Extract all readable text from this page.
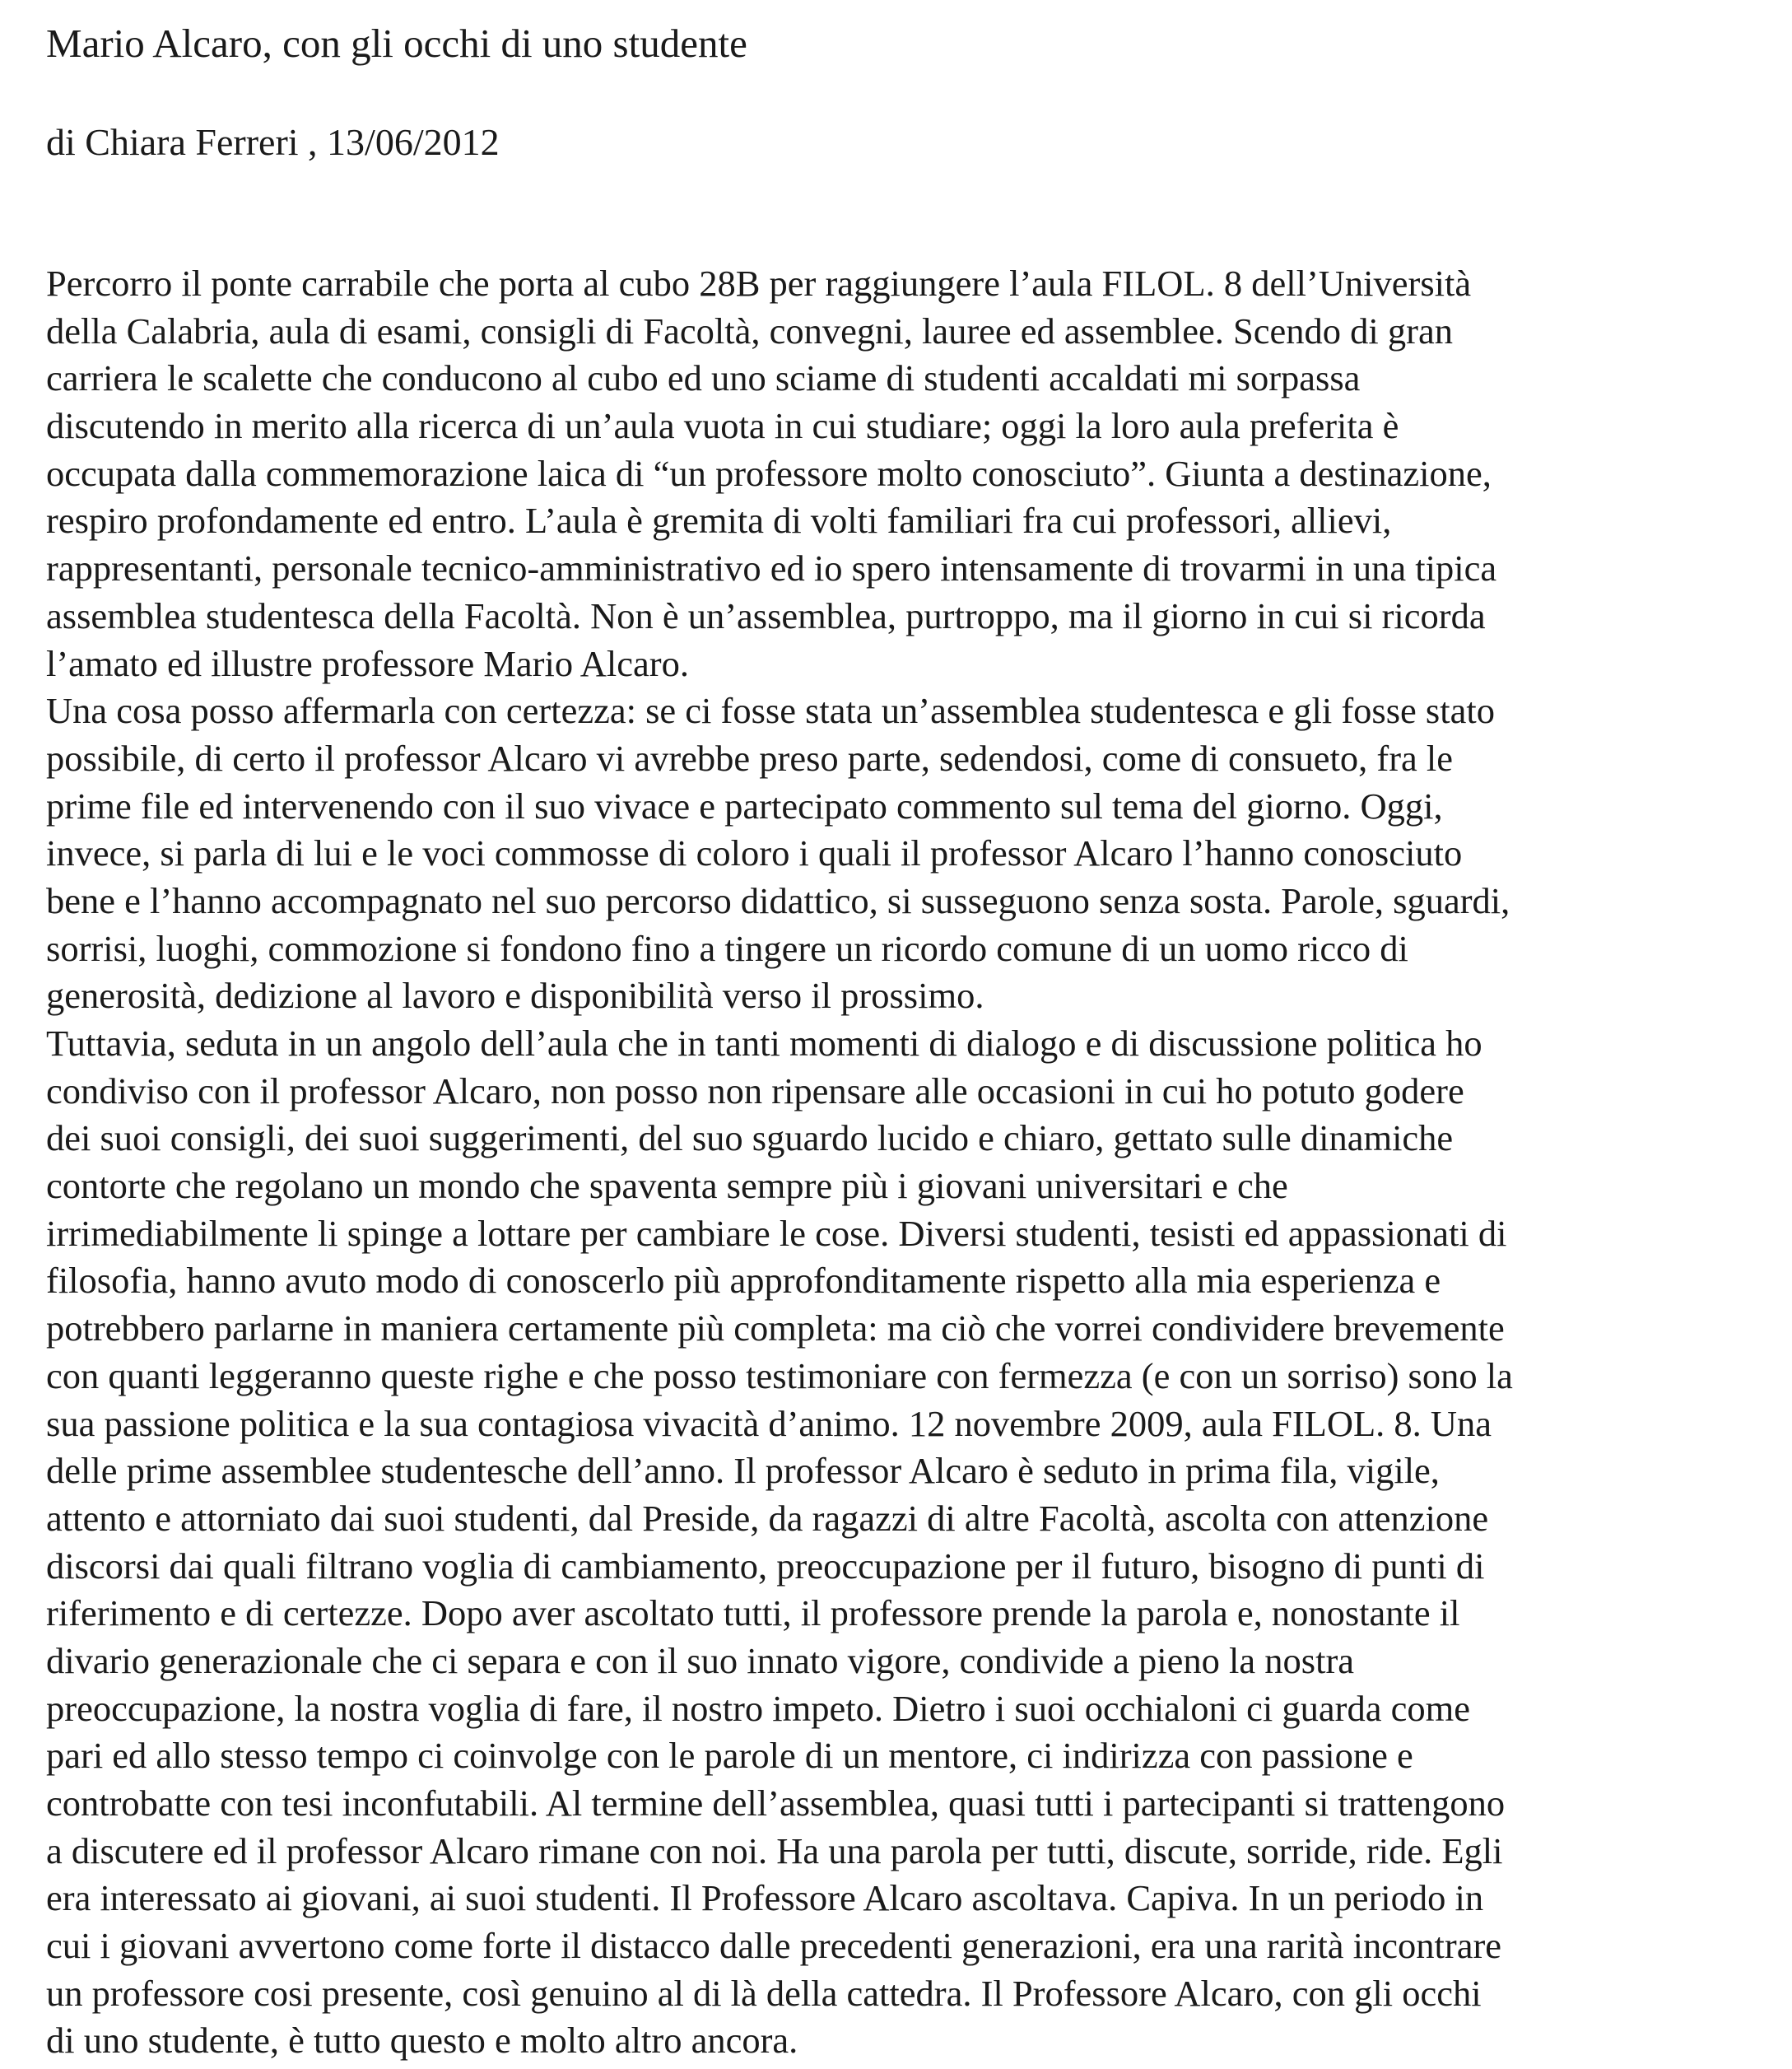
Mario Alcaro, con gli occhi di uno studente

di Chiara Ferreri , 13/06/2012

Percorro il ponte carrabile che porta al cubo 28B per raggiungere l’aula FILOL. 8 dell’Università
della Calabria, aula di esami, consigli di Facoltà, convegni, lauree ed assemblee. Scendo di gran
carriera le scalette che conducono al cubo ed uno sciame di studenti accaldati mi sorpassa
discutendo in merito alla ricerca di un’aula vuota in cui studiare; oggi la loro aula preferita è
occupata dalla commemorazione laica di “un professore molto conosciuto”. Giunta a destinazione,
respiro profondamente ed entro. L’aula è gremita di volti familiari fra cui professori, allievi,
rappresentanti, personale tecnico-amministrativo ed io spero intensamente di trovarmi in una tipica
assemblea studentesca della Facoltà. Non è un’assemblea, purtroppo, ma il giorno in cui si ricorda
l’amato ed illustre professore Mario Alcaro.
Una cosa posso affermarla con certezza: se ci fosse stata un’assemblea studentesca e gli fosse stato
possibile, di certo il professor Alcaro vi avrebbe preso parte, sedendosi, come di consueto, fra le
prime file ed intervenendo con il suo vivace e partecipato commento sul tema del giorno. Oggi,
invece, si parla di lui e le voci commosse di coloro i quali il professor Alcaro l’hanno conosciuto
bene e l’hanno accompagnato nel suo percorso didattico, si susseguono senza sosta. Parole, sguardi,
sorrisi, luoghi, commozione si fondono fino a tingere un ricordo comune di un uomo ricco di
generosità, dedizione al lavoro e disponibilità verso il prossimo.
Tuttavia, seduta in un angolo dell’aula che in tanti momenti di dialogo e di discussione politica ho
condiviso con il professor Alcaro, non posso non ripensare alle occasioni in cui ho potuto godere
dei suoi consigli, dei suoi suggerimenti, del suo sguardo lucido e chiaro, gettato sulle dinamiche
contorte che regolano un mondo che spaventa sempre più i giovani universitari e che
irrimediabilmente li spinge a lottare per cambiare le cose. Diversi studenti, tesisti ed appassionati di
filosofia, hanno avuto modo di conoscerlo più approfonditamente rispetto alla mia esperienza e
potrebbero parlarne in maniera certamente più completa: ma ciò che vorrei condividere brevemente
con quanti leggeranno queste righe e che posso testimoniare con fermezza (e con un sorriso) sono la
sua passione politica e la sua contagiosa vivacità d’animo. 12 novembre 2009, aula FILOL. 8. Una
delle prime assemblee studentesche dell’anno. Il professor Alcaro è seduto in prima fila, vigile,
attento e attorniato dai suoi studenti, dal Preside, da ragazzi di altre Facoltà, ascolta con attenzione
discorsi dai quali filtrano voglia di cambiamento, preoccupazione per il futuro, bisogno di punti di
riferimento e di certezze. Dopo aver ascoltato tutti, il professore prende la parola e, nonostante il
divario generazionale che ci separa e con il suo innato vigore, condivide a pieno la nostra
preoccupazione, la nostra voglia di fare, il nostro impeto. Dietro i suoi occhialoni ci guarda come
pari ed allo stesso tempo ci coinvolge con le parole di un mentore, ci indirizza con passione e
controbatte con tesi inconfutabili. Al termine dell’assemblea, quasi tutti i partecipanti si trattengono
a discutere ed il professor Alcaro rimane con noi. Ha una parola per tutti, discute, sorride, ride. Egli
era interessato ai giovani, ai suoi studenti. Il Professore Alcaro ascoltava. Capiva. In un periodo in
cui i giovani avvertono come forte il distacco dalle precedenti generazioni, era una rarità incontrare
un professore cosi presente, così genuino al di là della cattedra. Il Professore Alcaro, con gli occhi
di uno studente, è tutto questo e molto altro ancora.
